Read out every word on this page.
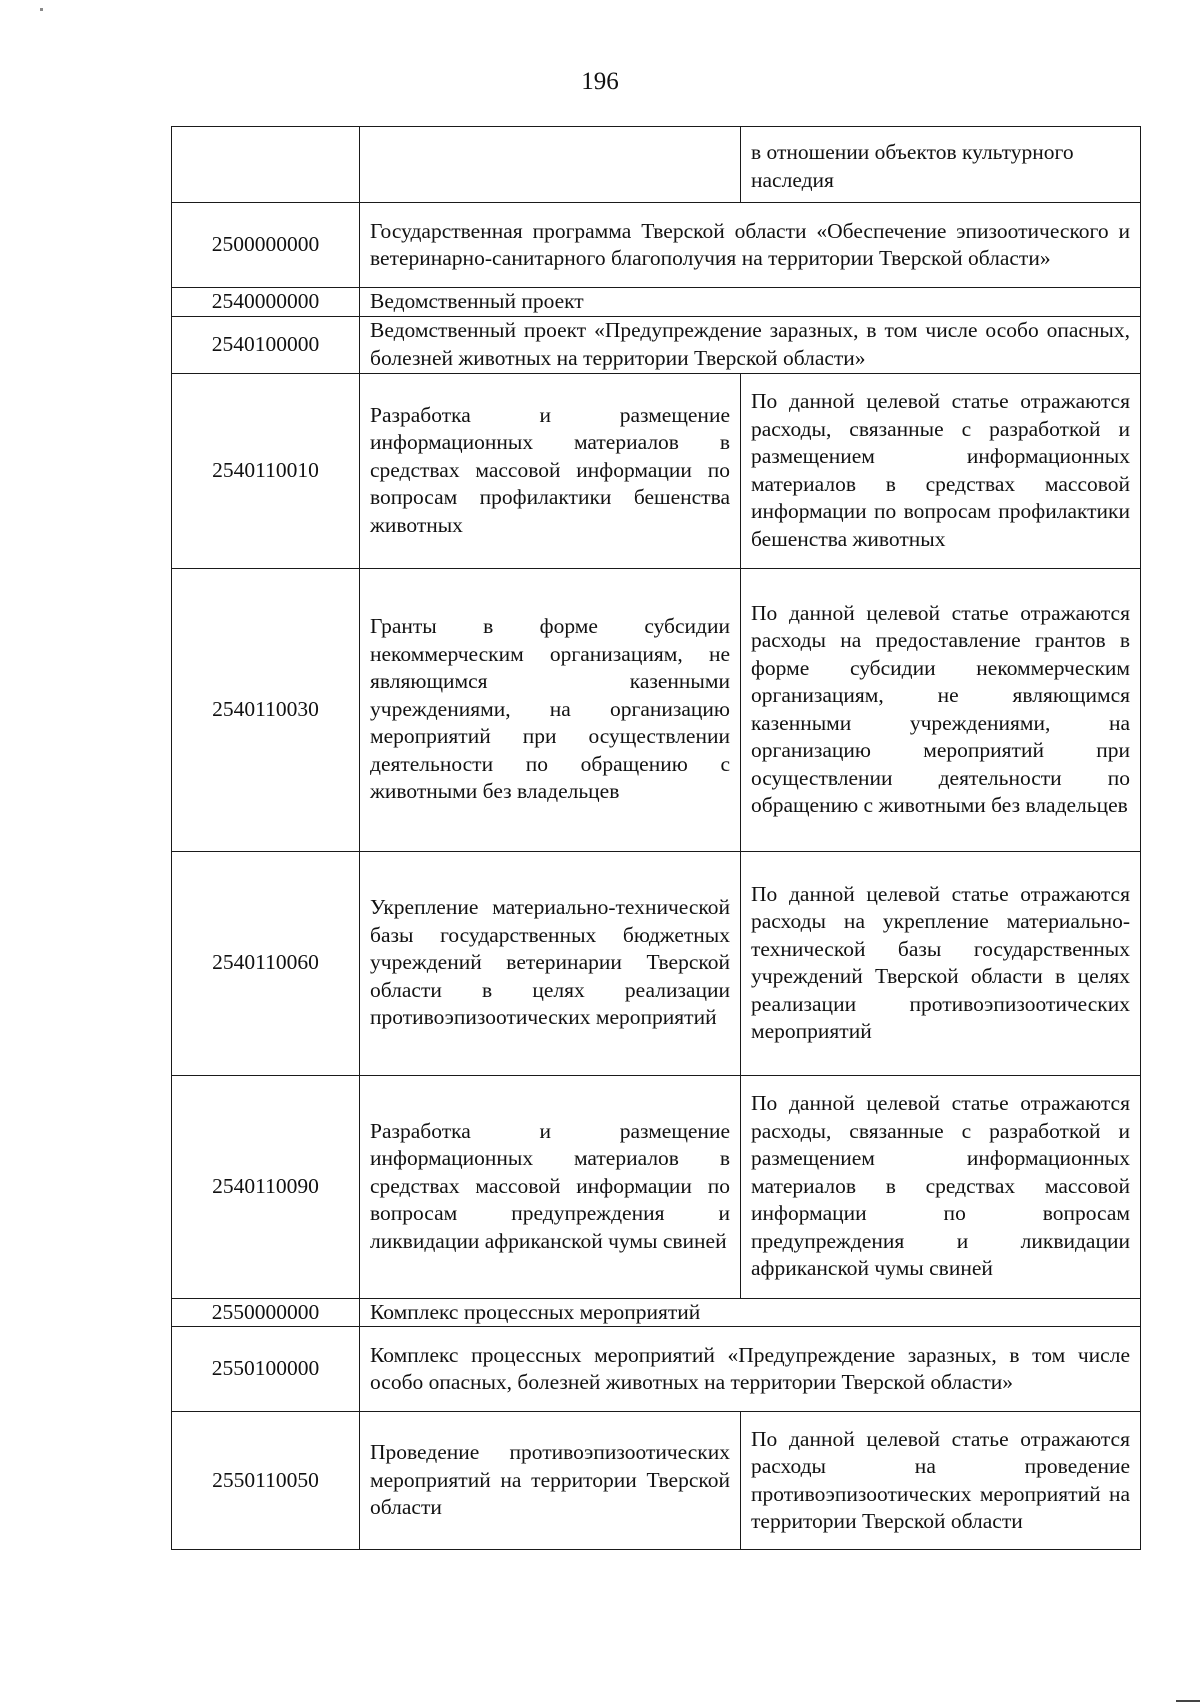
196
		в отношении объектов культурного наследия
2500000000	Государственная программа Тверской области «Обеспечение эпизоотического и ветеринарно-санитарного благополучия на территории Тверской области»	
2540000000	Ведомственный проект	
2540100000	Ведомственный проект «Предупреждение заразных, в том числе особо опасных, болезней животных на территории Тверской области»	
2540110010	Разработка и размещение информационных материалов в средствах массовой информации по вопросам профилактики бешенства животных	По данной целевой статье отражаются расходы, связанные с разработкой и размещением информационных материалов в средствах массовой информации по вопросам профилактики бешенства животных
2540110030	Гранты в форме субсидии некоммерческим организациям, не являющимся казенными учреждениями, на организацию мероприятий при осуществлении деятельности по обращению с животными без владельцев	По данной целевой статье отражаются расходы на предоставление грантов в форме субсидии некоммерческим организациям, не являющимся казенными учреждениями, на организацию мероприятий при осуществлении деятельности по обращению с животными без владельцев
2540110060	Укрепление материально-технической базы государственных бюджетных учреждений ветеринарии Тверской области в целях реализации противоэпизоотических мероприятий	По данной целевой статье отражаются расходы на укрепление материально-технической базы государственных учреждений Тверской области в целях реализации противоэпизоотических мероприятий
2540110090	Разработка и размещение информационных материалов в средствах массовой информации по вопросам предупреждения и ликвидации африканской чумы свиней	По данной целевой статье отражаются расходы, связанные с разработкой и размещением информационных материалов в средствах массовой информации по вопросам предупреждения и ликвидации африканской чумы свиней
2550000000	Комплекс процессных мероприятий	
2550100000	Комплекс процессных мероприятий «Предупреждение заразных, в том числе особо опасных, болезней животных на территории Тверской области»	
2550110050	Проведение противоэпизоотических мероприятий на территории Тверской области	По данной целевой статье отражаются расходы на проведение противоэпизоотических мероприятий на территории Тверской области
